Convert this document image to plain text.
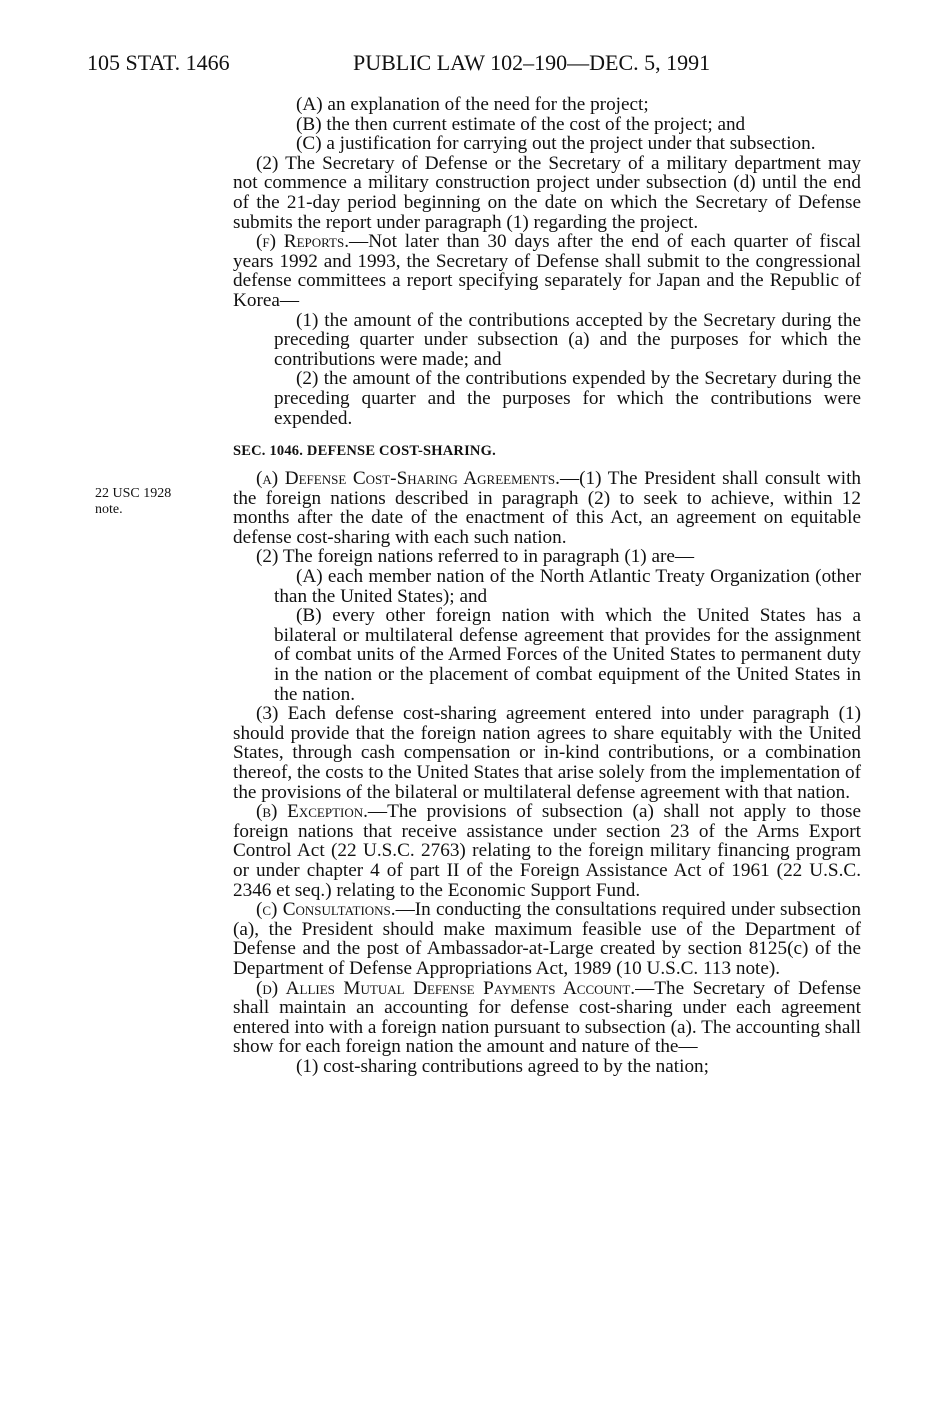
105 STAT. 1466	PUBLIC LAW 102–190—DEC. 5, 1991
22 USC 1928
note.

(A) an explanation of the need for the project;

(B) the then current estimate of the cost of the project; and

(C) a justification for carrying out the project under that subsection.

(2) The Secretary of Defense or the Secretary of a military department may not commence a military construction project under subsection (d) until the end of the 21-day period beginning on the date on which the Secretary of Defense submits the report under paragraph (1) regarding the project.

(f) Reports.—Not later than 30 days after the end of each quarter of fiscal years 1992 and 1993, the Secretary of Defense shall submit to the congressional defense committees a report specifying separately for Japan and the Republic of Korea—

(1) the amount of the contributions accepted by the Secretary during the preceding quarter under subsection (a) and the purposes for which the contributions were made; and

(2) the amount of the contributions expended by the Secretary during the preceding quarter and the purposes for which the contributions were expended.

SEC. 1046. DEFENSE COST-SHARING.

(a) Defense Cost-Sharing Agreements.—(1) The President shall consult with the foreign nations described in paragraph (2) to seek to achieve, within 12 months after the date of the enactment of this Act, an agreement on equitable defense cost-sharing with each such nation.

(2) The foreign nations referred to in paragraph (1) are—

(A) each member nation of the North Atlantic Treaty Organization (other than the United States); and

(B) every other foreign nation with which the United States has a bilateral or multilateral defense agreement that provides for the assignment of combat units of the Armed Forces of the United States to permanent duty in the nation or the placement of combat equipment of the United States in the nation.

(3) Each defense cost-sharing agreement entered into under paragraph (1) should provide that the foreign nation agrees to share equitably with the United States, through cash compensation or in-kind contributions, or a combination thereof, the costs to the United States that arise solely from the implementation of the provisions of the bilateral or multilateral defense agreement with that nation.

(b) Exception.—The provisions of subsection (a) shall not apply to those foreign nations that receive assistance under section 23 of the Arms Export Control Act (22 U.S.C. 2763) relating to the foreign military financing program or under chapter 4 of part II of the Foreign Assistance Act of 1961 (22 U.S.C. 2346 et seq.) relating to the Economic Support Fund.

(c) Consultations.—In conducting the consultations required under subsection (a), the President should make maximum feasible use of the Department of Defense and the post of Ambassador-at-Large created by section 8125(c) of the Department of Defense Appropriations Act, 1989 (10 U.S.C. 113 note).

(d) Allies Mutual Defense Payments Account.—The Secretary of Defense shall maintain an accounting for defense cost-sharing under each agreement entered into with a foreign nation pursuant to subsection (a). The accounting shall show for each foreign nation the amount and nature of the—

(1) cost-sharing contributions agreed to by the nation;
